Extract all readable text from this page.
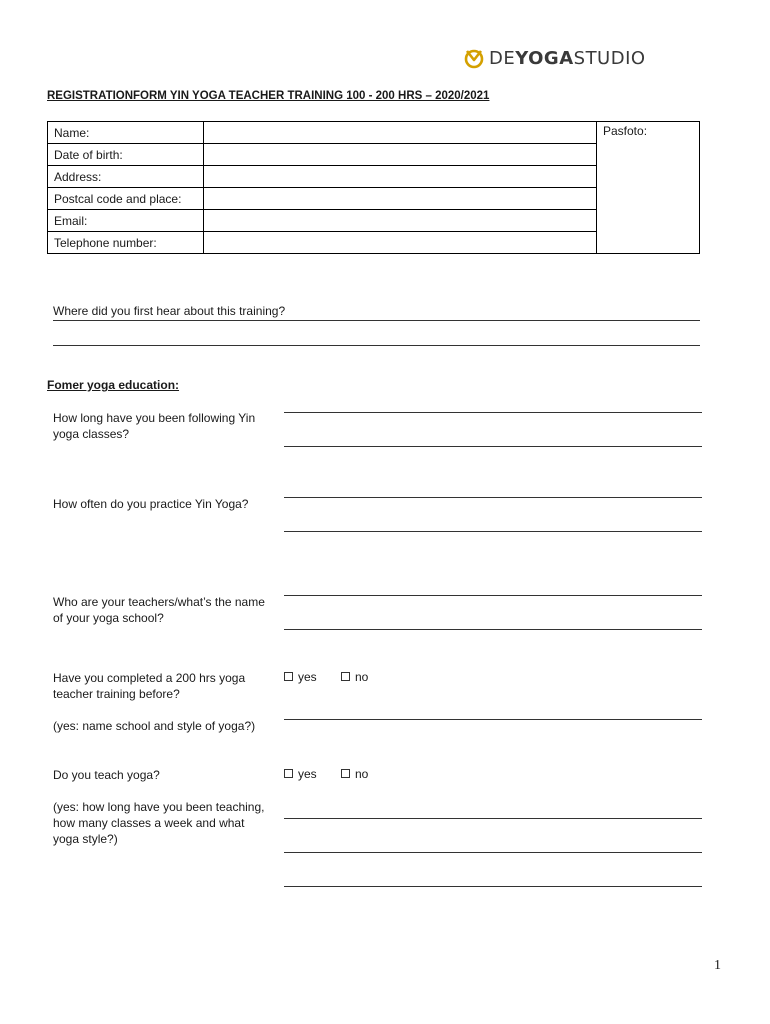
DEYOGASTUDIO
REGISTRATIONFORM YIN YOGA TEACHER TRAINING 100 - 200 HRS – 2020/2021
Name:		Pasfoto:
Date of birth:		
Address:		
Postcal code and place:		
Email:		
Telephone number:		
Where did you first hear about this training?
Fomer yoga education:
How long have you been following Yin yoga classes?
How often do you practice Yin Yoga?
Who are your teachers/what’s the name of your yoga school?
Have you completed a 200 hrs yoga teacher training before?
yes	no
(yes: name school and style of yoga?)
Do you teach yoga?	yes	no
(yes: how long have you been teaching, how many classes a week and what yoga style?)
1
